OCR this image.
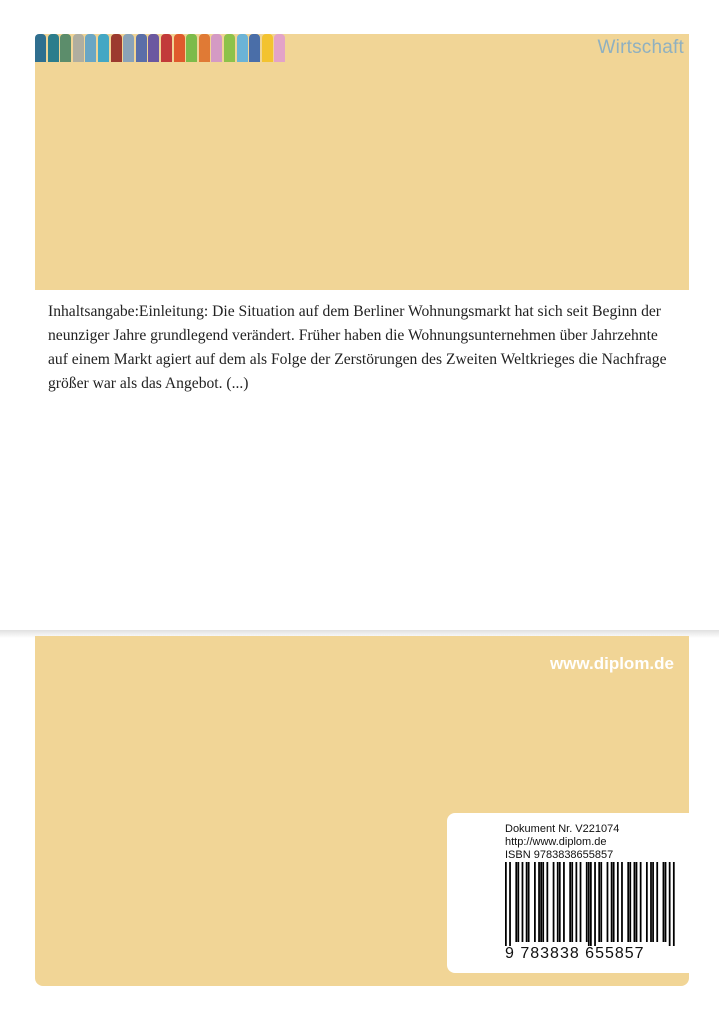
Wirtschaft

Inhaltsangabe:Einleitung: Die Situation auf dem Berliner Wohnungsmarkt hat sich seit Beginn der neunziger Jahre grundlegend verändert. Früher haben die Wohnungsunternehmen über Jahrzehnte auf einem Markt agiert auf dem als Folge der Zerstörungen des Zweiten Weltkrieges die Nachfrage größer war als das Angebot. (...)

www.diplom.de
Dokument Nr. V221074
http://www.diplom.de
ISBN 9783838655857
9 783838 655857
